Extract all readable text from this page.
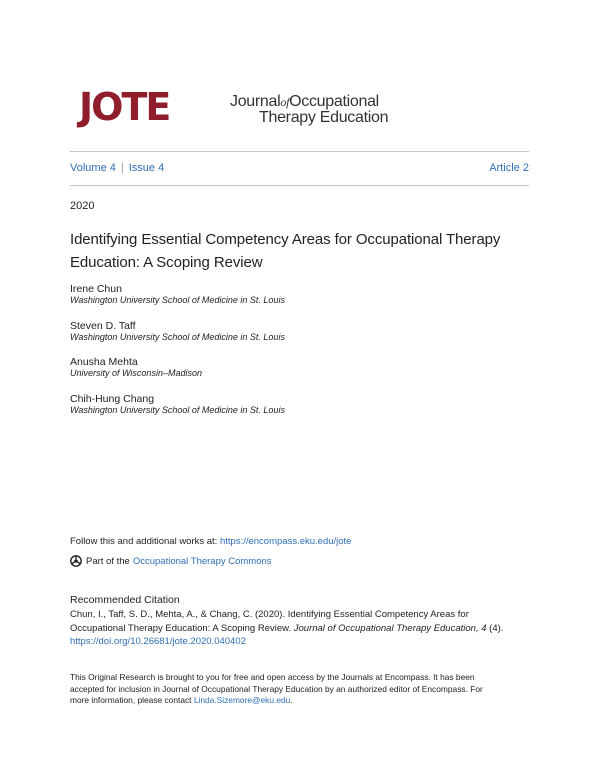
JOTE	JournalofOccupational
Therapy Education
Volume 4 | Issue 4	Article 2
2020
Identifying Essential Competency Areas for Occupational Therapy
Education: A Scoping Review
Irene Chun
Washington University School of Medicine in St. Louis
Steven D. Taff
Washington University School of Medicine in St. Louis
Anusha Mehta
University of Wisconsin–Madison
Chih-Hung Chang
Washington University School of Medicine in St. Louis
Follow this and additional works at: https://encompass.eku.edu/jote
Part of the Occupational Therapy Commons
Recommended Citation
Chun, I., Taff, S. D., Mehta, A., & Chang, C. (2020). Identifying Essential Competency Areas for
Occupational Therapy Education: A Scoping Review. Journal of Occupational Therapy Education, 4 (4).
https://doi.org/10.26681/jote.2020.040402
This Original Research is brought to you for free and open access by the Journals at Encompass. It has been
accepted for inclusion in Journal of Occupational Therapy Education by an authorized editor of Encompass. For
more information, please contact Linda.Sizemore@eku.edu.
